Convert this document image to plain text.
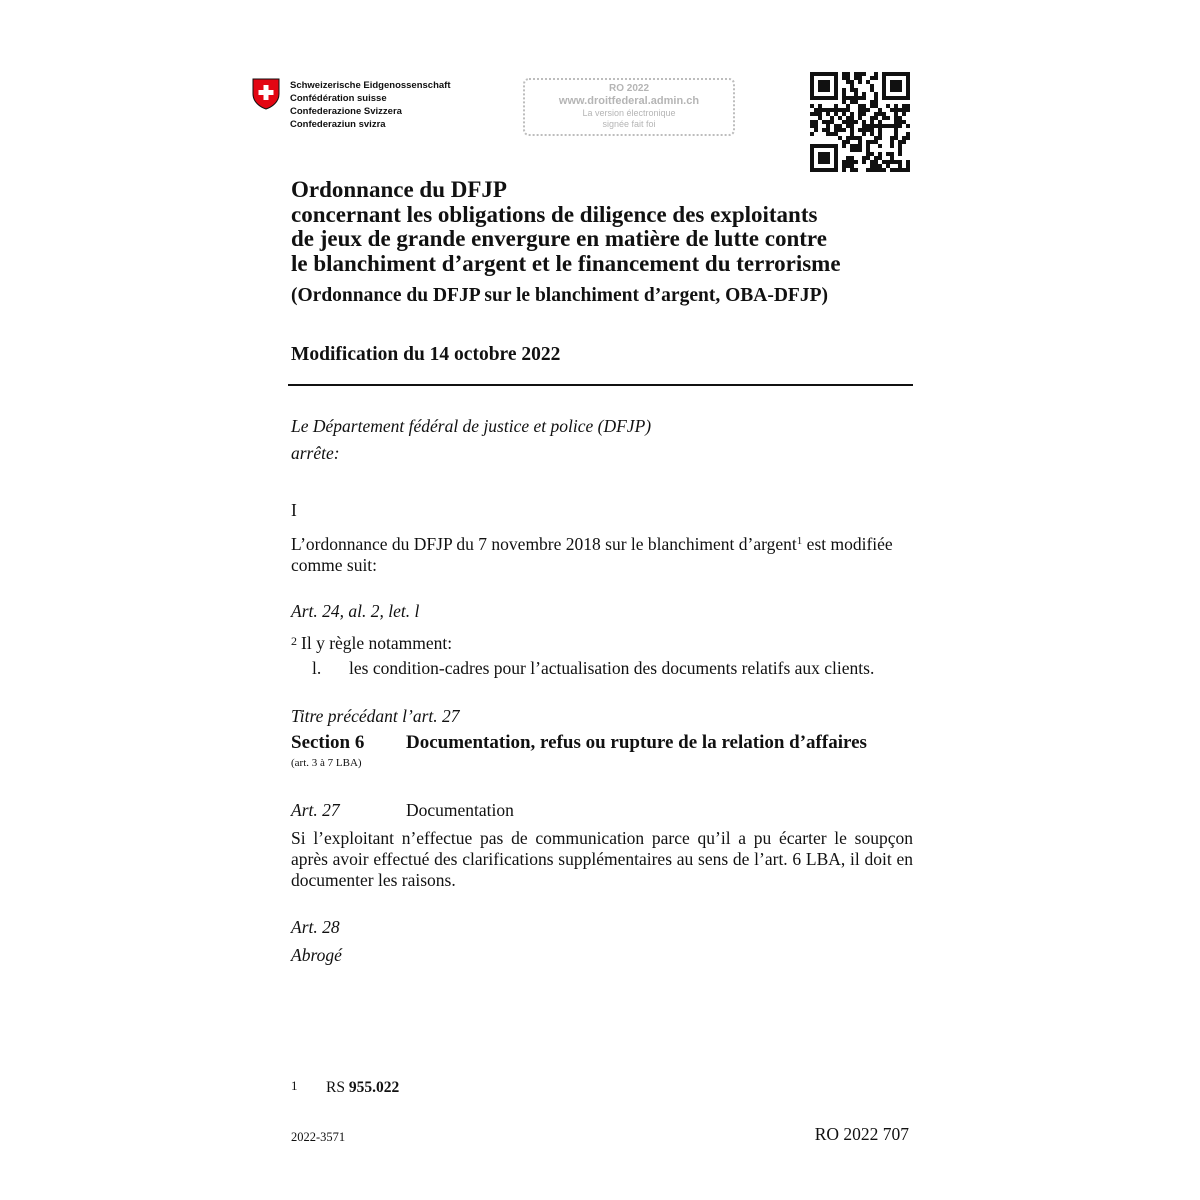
Schweizerische Eidgenossenschaft
Confédération suisse
Confederazione Svizzera
Confederaziun svizra
RO 2022
www.droitfederal.admin.ch
La version électronique
signée fait foi
Ordonnance du DFJP
concernant les obligations de diligence des exploitants
de jeux de grande envergure en matière de lutte contre
le blanchiment d’argent et le financement du terrorisme
(Ordonnance du DFJP sur le blanchiment d’argent, OBA-DFJP)
Modification du 14 octobre 2022
Le Département fédéral de justice et police (DFJP)
arrête:
I
L’ordonnance du DFJP du 7 novembre 2018 sur le blanchiment d’argent$^1$ est modifiée comme suit:
Art. 24, al. 2, let. l
$^2$ Il y règle notamment:
l. les condition-cadres pour l’actualisation des documents relatifs aux clients.
Titre précédant l’art. 27
Section 6 Documentation, refus ou rupture de la relation d’affaires
(art. 3 à 7 LBA)
Art. 27	Documentation
Si l’exploitant n’effectue pas de communication parce qu’il a pu écarter le soupçon après avoir effectué des clarifications supplémentaires au sens de l’art. 6 LBA, il doit en documenter les raisons.
Art. 28
Abrogé
1 RS 955.022
2022-3571	RO 2022 707
